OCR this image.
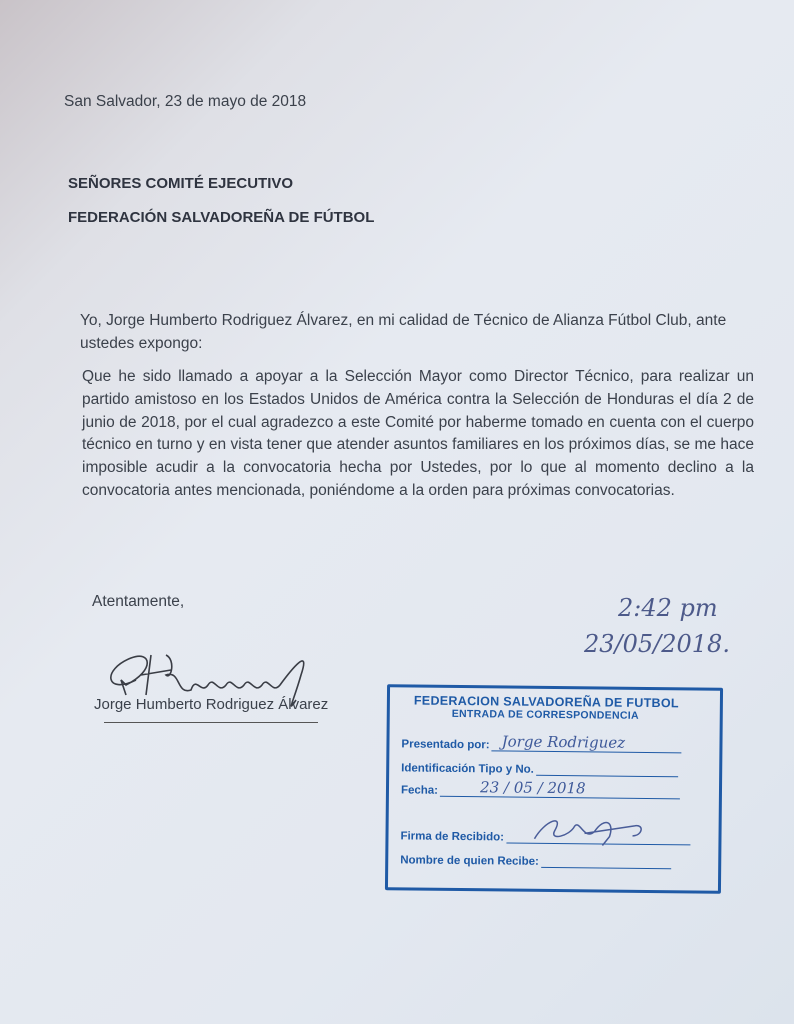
San Salvador, 23 de mayo de 2018
SEÑORES COMITÉ EJECUTIVO
FEDERACIÓN SALVADOREÑA DE FÚTBOL
Yo, Jorge Humberto Rodriguez Álvarez, en mi calidad de Técnico de Alianza Fútbol Club, ante ustedes expongo:
Que he sido llamado a apoyar a la Selección Mayor como Director Técnico, para realizar un partido amistoso en los Estados Unidos de América contra la Selección de Honduras el día 2 de junio de 2018, por el cual agradezco a este Comité por haberme tomado en cuenta con el cuerpo técnico en turno y en vista tener que atender asuntos familiares en los próximos días, se me hace imposible acudir a la convocatoria hecha por Ustedes, por lo que al momento declino a la convocatoria antes mencionada, poniéndome a la orden para próximas convocatorias.
Atentamente,
Jorge Humberto Rodriguez Álvarez
2:42 pm
23/05/2018.
FEDERACION SALVADOREÑA DE FUTBOL
ENTRADA DE CORRESPONDENCIA
Presentado por: Jorge Rodriguez
Identificación Tipo y No.
Fecha:	23 / 05 / 2018
Firma de Recibido:
Nombre de quien Recibe:
